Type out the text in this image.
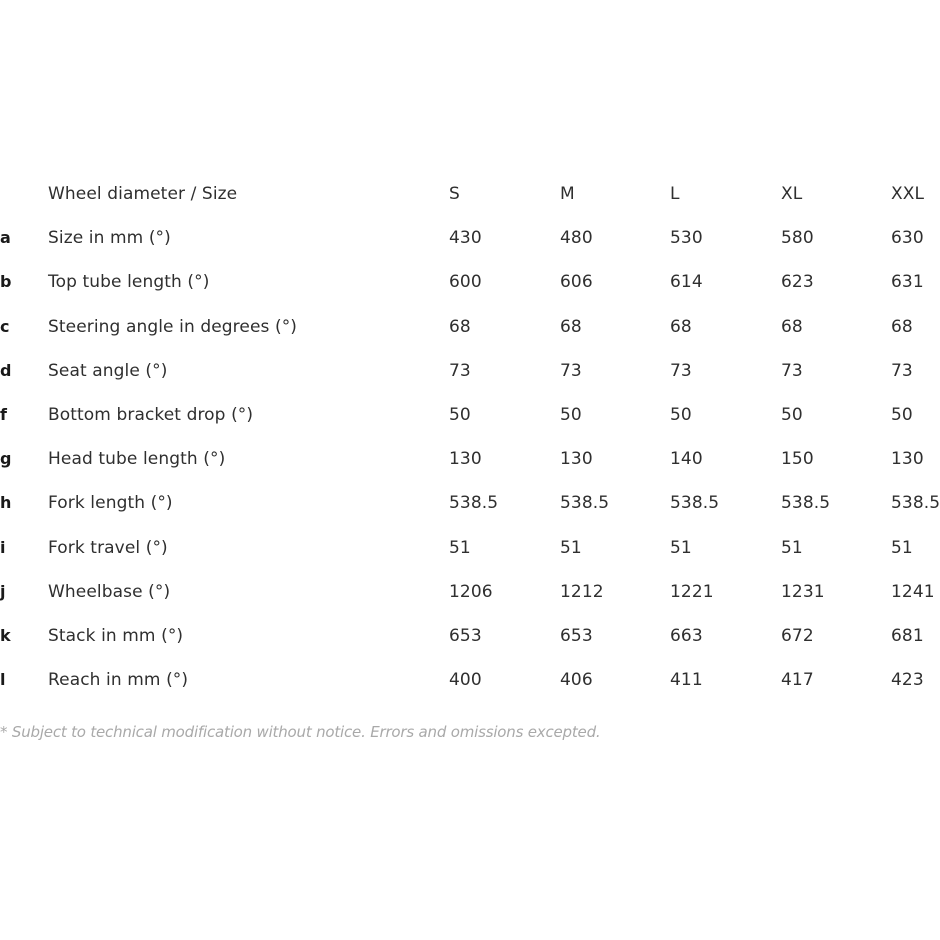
Wheel diameter / Size	S	M	L	XL	XXL
a Size in mm (°)	430	480	530	580	630
b Top tube length (°)	600	606	614	623	631
c Steering angle in degrees (°)	68	68	68	68	68
d Seat angle (°)	73	73	73	73	73
f Bottom bracket drop (°)	50	50	50	50	50
g Head tube length (°)	130	130	140	150	130
h Fork length (°)	538.5	538.5	538.5	538.5	538.5
i Fork travel (°)	51	51	51	51	51
j Wheelbase (°)	1206	1212	1221	1231	1241
k Stack in mm (°)	653	653	663	672	681
l Reach in mm (°)	400	406	411	417	423
* Subject to technical modification without notice. Errors and omissions excepted.
